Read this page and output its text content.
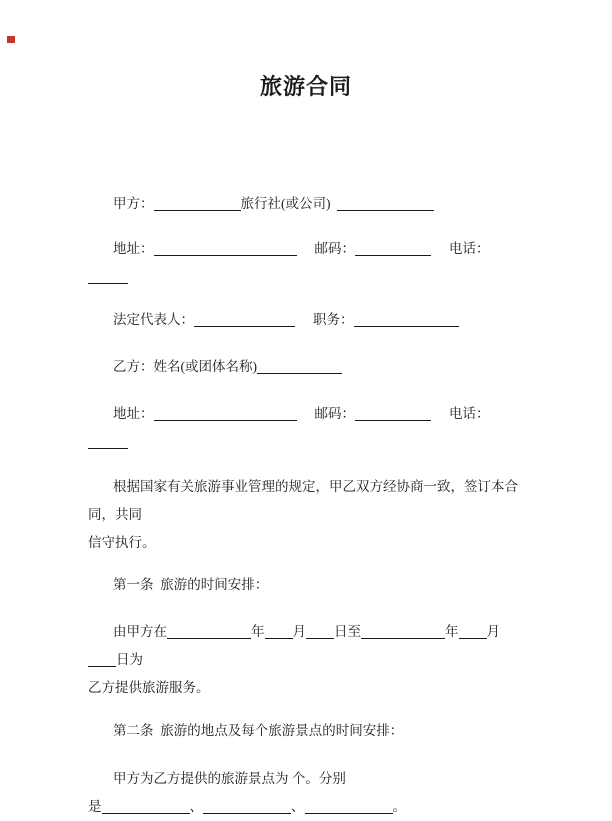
旅游合同
甲方：	旅行社(或公司)
地址：	邮码：	电话：
法定代表人：	职务：
乙方：姓名(或团体名称)
地址：	邮码：	电话：
根据国家有关旅游事业管理的规定，甲乙双方经协商一致，签订本合同，共同
信守执行。
第一条  旅游的时间安排：
由甲方在	年 月 日至	年 月日为
乙方提供旅游服务。
第二条  旅游的地点及每个旅游景点的时间安排：
甲方为乙方提供的旅游景点为 个。分别
是	、	、	。
